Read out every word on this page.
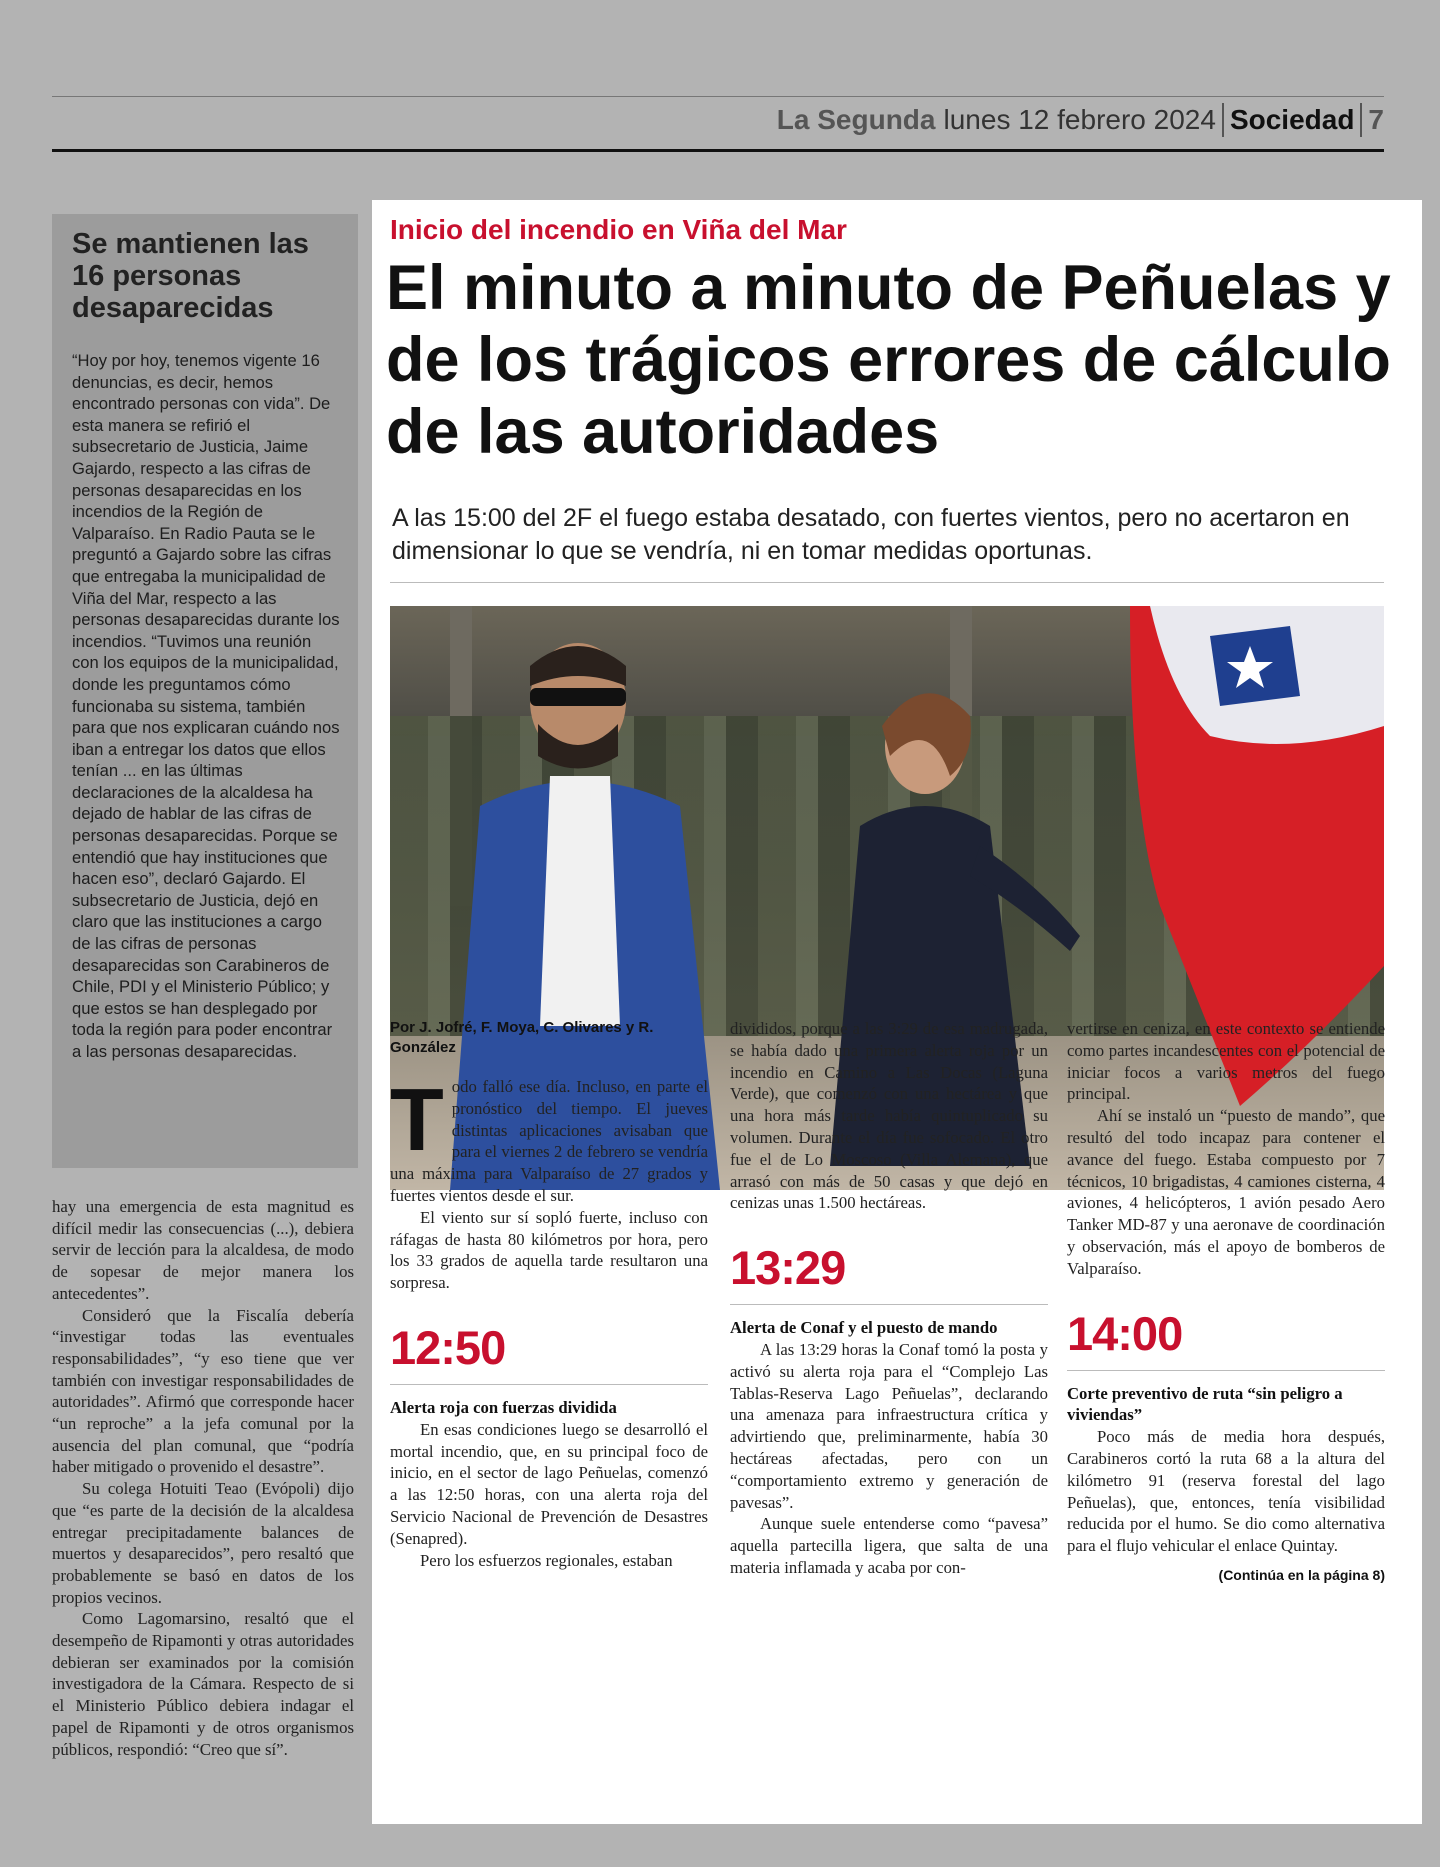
La Segunda lunes 12 febrero 2024 Sociedad 7
Se mantienen las 16 personas desaparecidas

“Hoy por hoy, tenemos vigente 16 denuncias, es decir, hemos encontrado personas con vida”. De esta manera se refirió el subsecretario de Justicia, Jaime Gajardo, respecto a las cifras de personas desaparecidas en los incendios de la Región de Valparaíso. En Radio Pauta se le preguntó a Gajardo sobre las cifras que entregaba la municipalidad de Viña del Mar, respecto a las personas desaparecidas durante los incendios. “Tuvimos una reunión con los equipos de la municipalidad, donde les preguntamos cómo funcionaba su sistema, también para que nos explicaran cuándo nos iban a entregar los datos que ellos tenían ... en las últimas declaraciones de la alcaldesa ha dejado de hablar de las cifras de personas desaparecidas. Porque se entendió que hay instituciones que hacen eso”, declaró Gajardo. El subsecretario de Justicia, dejó en claro que las instituciones a cargo de las cifras de personas desaparecidas son Carabineros de Chile, PDI y el Ministerio Público; y que estos se han desplegado por toda la región para poder encontrar a las personas desaparecidas.

hay una emergencia de esta magnitud es difícil medir las consecuencias (...), debiera servir de lección para la alcaldesa, de modo de sopesar de mejor manera los antecedentes”.

Consideró que la Fiscalía debería “investigar todas las eventuales responsabilidades”, “y eso tiene que ver también con investigar responsabilidades de autoridades”. Afirmó que corresponde hacer “un reproche” a la jefa comunal por la ausencia del plan comunal, que “podría haber mitigado o provenido el desastre”.

Su colega Hotuiti Teao (Evópoli) dijo que “es parte de la decisión de la alcaldesa entregar precipitadamente balances de muertos y desaparecidos”, pero resaltó que probablemente se basó en datos de los propios vecinos.

Como Lagomarsino, resaltó que el desempeño de Ripamonti y otras autoridades debieran ser examinados por la comisión investigadora de la Cámara. Respecto de si el Ministerio Público debiera indagar el papel de Ripamonti y de otros organismos públicos, respondió: “Creo que sí”.

Inicio del incendio en Viña del Mar
El minuto a minuto de Peñuelas y de los trágicos errores de cálculo de las autoridades

A las 15:00 del 2F el fuego estaba desatado, con fuertes vientos, pero no acertaron en dimensionar lo que se vendría, ni en tomar medidas oportunas.

Por J. Jofré, F. Moya, C. Olivares y R. González

Todo falló ese día. Incluso, en parte el pronóstico del tiempo. El jueves distintas aplicaciones avisaban que para el viernes 2 de febrero se vendría una máxima para Valparaíso de 27 grados y fuertes vientos desde el sur.

El viento sur sí sopló fuerte, incluso con ráfagas de hasta 80 kilómetros por hora, pero los 33 grados de aquella tarde resultaron una sorpresa.

12:50

Alerta roja con fuerzas dividida

En esas condiciones luego se desarrolló el mortal incendio, que, en su principal foco de inicio, en el sector de lago Peñuelas, comenzó a las 12:50 horas, con una alerta roja del Servicio Nacional de Prevención de Desastres (Senapred).

Pero los esfuerzos regionales, estaban

divididos, porque a las 3:29 de esa madrugada, se había dado una primera alerta roja por un incendio en Camino a Las Docas (Laguna Verde), que comenzó con una hectárea y que una hora más tarde había quintuplicado su volumen. Durante el día fue sofocado. El otro fue el de Lo Moscoso (Villa Alemana), que arrasó con más de 50 casas y que dejó en cenizas unas 1.500 hectáreas.

13:29

Alerta de Conaf y el puesto de mando

A las 13:29 horas la Conaf tomó la posta y activó su alerta roja para el “Complejo Las Tablas-Reserva Lago Peñuelas”, declarando una amenaza para infraestructura crítica y advirtiendo que, preliminarmente, había 30 hectáreas afectadas, pero con un “comportamiento extremo y generación de pavesas”.

Aunque suele entenderse como “pavesa” aquella partecilla ligera, que salta de una materia inflamada y acaba por con-

vertirse en ceniza, en este contexto se entiende como partes incandescentes con el potencial de iniciar focos a varios metros del fuego principal.

Ahí se instaló un “puesto de mando”, que resultó del todo incapaz para contener el avance del fuego. Estaba compuesto por 7 técnicos, 10 brigadistas, 4 camiones cisterna, 4 aviones, 4 helicópteros, 1 avión pesado Aero Tanker MD-87 y una aeronave de coordinación y observación, más el apoyo de bomberos de Valparaíso.

14:00

Corte preventivo de ruta “sin peligro a viviendas”

Poco más de media hora después, Carabineros cortó la ruta 68 a la altura del kilómetro 91 (reserva forestal del lago Peñuelas), que, entonces, tenía visibilidad reducida por el humo. Se dio como alternativa para el flujo vehicular el enlace Quintay.

(Continúa en la página 8)
